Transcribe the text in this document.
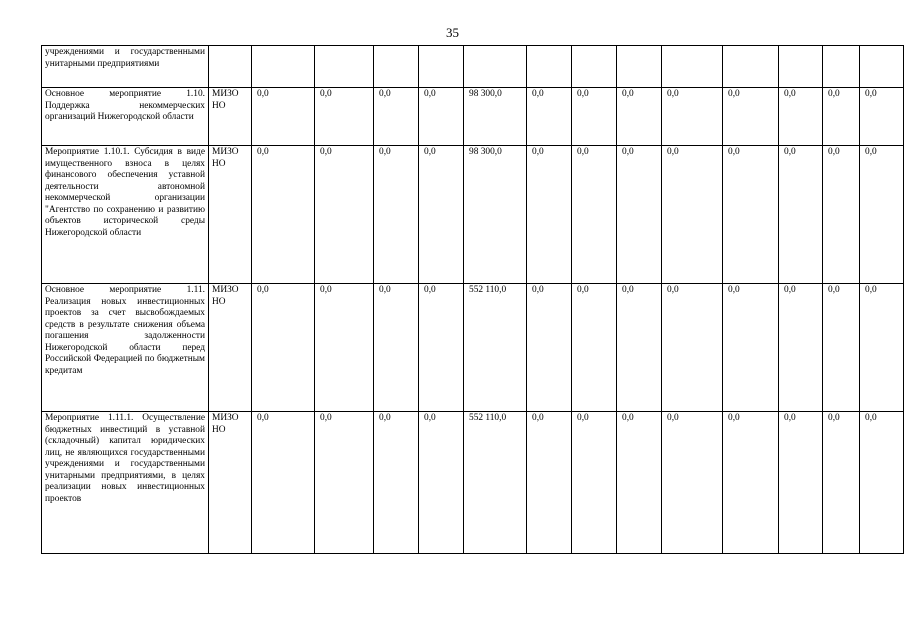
35
учреждениями и государственными унитарными предприятиями														
Основное мероприятие 1.10. Поддержка некоммерческих организаций Нижегородской области	МИЗО НО	0,0	0,0	0,0	0,0	98 300,0	0,0	0,0	0,0	0,0	0,0	0,0	0,0	0,0
Мероприятие 1.10.1. Субсидия в виде имущественного взноса в целях финансового обеспечения уставной деятельности автономной некоммерческой организации "Агентство по сохранению и развитию объектов исторической среды Нижегородской области	МИЗО НО	0,0	0,0	0,0	0,0	98 300,0	0,0	0,0	0,0	0,0	0,0	0,0	0,0	0,0
Основное мероприятие 1.11. Реализация новых инвестиционных проектов за счет высвобождаемых средств в результате снижения объема погашения задолженности Нижегородской области перед Российской Федерацией по бюджетным кредитам	МИЗО НО	0,0	0,0	0,0	0,0	552 110,0	0,0	0,0	0,0	0,0	0,0	0,0	0,0	0,0
Мероприятие 1.11.1. Осуществление бюджетных инвестиций в уставной (складочный) капитал юридических лиц, не являющихся государственными учреждениями и государственными унитарными предприятиями, в целях реализации новых инвестиционных проектов	МИЗО НО	0,0	0,0	0,0	0,0	552 110,0	0,0	0,0	0,0	0,0	0,0	0,0	0,0	0,0
